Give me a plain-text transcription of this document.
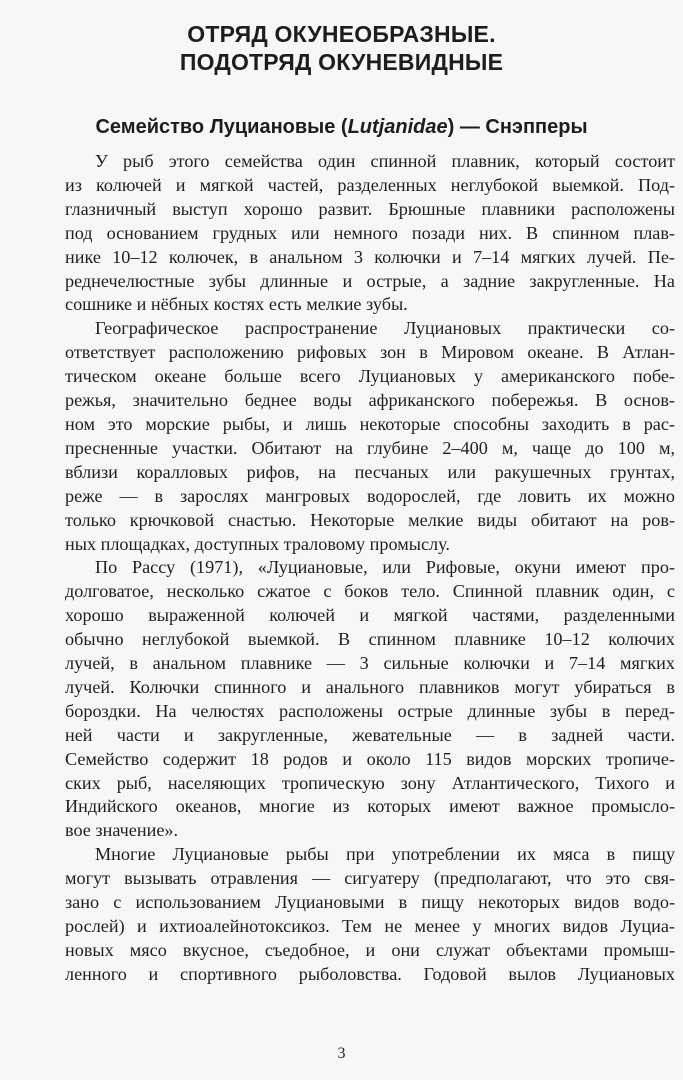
ОТРЯД ОКУНЕОБРАЗНЫЕ.
ПОДОТРЯД ОКУНЕВИДНЫЕ
Семейство Луциановые (Lutjanidae) — Снэпперы

У рыб этого семейства один спинной плавник, который состоит

из колючей и мягкой частей, разделенных неглубокой выемкой. Под-

глазничный выступ хорошо развит. Брюшные плавники расположены

под основанием грудных или немного позади них. В спинном плав-

нике 10–12 колючек, в анальном 3 колючки и 7–14 мягких лучей. Пе-

реднечелюстные зубы длинные и острые, а задние закругленные. На

сошнике и нёбных костях есть мелкие зубы.

Географическое распространение Луциановых практически со-

ответствует расположению рифовых зон в Мировом океане. В Атлан-

тическом океане больше всего Луциановых у американского побе-

режья, значительно беднее воды африканского побережья. В основ-

ном это морские рыбы, и лишь некоторые способны заходить в рас-

пресненные участки. Обитают на глубине 2–400 м, чаще до 100 м,

вблизи коралловых рифов, на песчаных или ракушечных грунтах,

реже — в зарослях мангровых водорослей, где ловить их можно

только крючковой снастью. Некоторые мелкие виды обитают на ров-

ных площадках, доступных траловому промыслу.

По Рассу (1971), «Луциановые, или Рифовые, окуни имеют про-

долговатое, несколько сжатое с боков тело. Спинной плавник один, с

хорошо выраженной колючей и мягкой частями, разделенными

обычно неглубокой выемкой. В спинном плавнике 10–12 колючих

лучей, в анальном плавнике — 3 сильные колючки и 7–14 мягких

лучей. Колючки спинного и анального плавников могут убираться в

бороздки. На челюстях расположены острые длинные зубы в перед-

ней части и закругленные, жевательные — в задней части.

Семейство содержит 18 родов и около 115 видов морских тропиче-

ских рыб, населяющих тропическую зону Атлантического, Тихого и

Индийского океанов, многие из которых имеют важное промысло-

вое значение».

Многие Луциановые рыбы при употреблении их мяса в пищу

могут вызывать отравления — сигуатеру (предполагают, что это свя-

зано с использованием Луциановыми в пищу некоторых видов водо-

рослей) и ихтиоалейнотоксикоз. Тем не менее у многих видов Луциа-

новых мясо вкусное, съедобное, и они служат объектами промыш-

ленного и спортивного рыболовства. Годовой вылов Луциановых

3
